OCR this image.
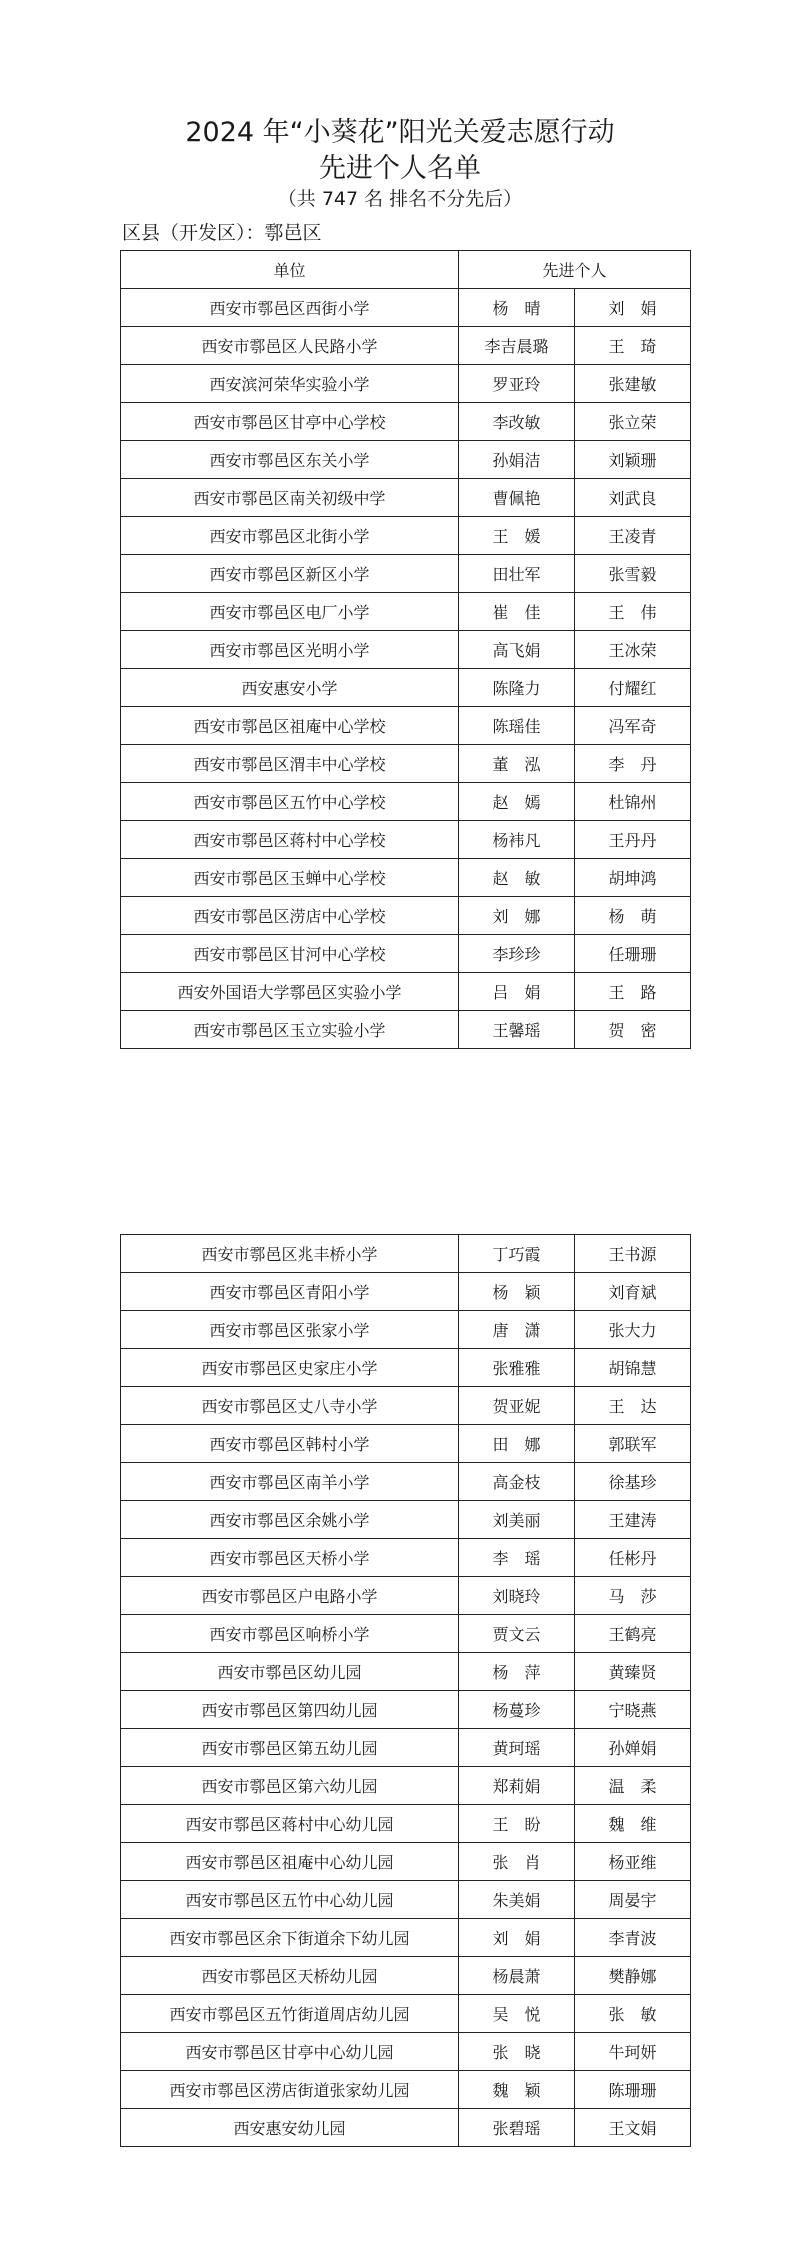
2024 年“小葵花”阳光关爱志愿行动
先进个人名单
（共 747 名 排名不分先后）
区县（开发区）：鄠邑区
单位	先进个人	
西安市鄠邑区西街小学	杨　晴	刘　娟
西安市鄠邑区人民路小学	李吉晨璐	王　琦
西安滨河荣华实验小学	罗亚玲	张建敏
西安市鄠邑区甘亭中心学校	李改敏	张立荣
西安市鄠邑区东关小学	孙娟洁	刘颖珊
西安市鄠邑区南关初级中学	曹佩艳	刘武良
西安市鄠邑区北街小学	王　媛	王凌青
西安市鄠邑区新区小学	田壮军	张雪毅
西安市鄠邑区电厂小学	崔　佳	王　伟
西安市鄠邑区光明小学	高飞娟	王冰荣
西安惠安小学	陈隆力	付耀红
西安市鄠邑区祖庵中心学校	陈瑶佳	冯军奇
西安市鄠邑区渭丰中心学校	董　泓	李　丹
西安市鄠邑区五竹中心学校	赵　嫣	杜锦州
西安市鄠邑区蒋村中心学校	杨袆凡	王丹丹
西安市鄠邑区玉蝉中心学校	赵　敏	胡坤鸿
西安市鄠邑区涝店中心学校	刘　娜	杨　萌
西安市鄠邑区甘河中心学校	李珍珍	任珊珊
西安外国语大学鄠邑区实验小学	吕　娟	王　路
西安市鄠邑区玉立实验小学	王馨瑶	贺　密
西安市鄠邑区兆丰桥小学	丁巧霞	王书源
西安市鄠邑区青阳小学	杨　颖	刘育斌
西安市鄠邑区张家小学	唐　潇	张大力
西安市鄠邑区史家庄小学	张雅雅	胡锦慧
西安市鄠邑区丈八寺小学	贺亚妮	王　达
西安市鄠邑区韩村小学	田　娜	郭联军
西安市鄠邑区南羊小学	高金枝	徐基珍
西安市鄠邑区余姚小学	刘美丽	王建涛
西安市鄠邑区天桥小学	李　瑶	任彬丹
西安市鄠邑区户电路小学	刘晓玲	马　莎
西安市鄠邑区响桥小学	贾文云	王鹤亮
西安市鄠邑区幼儿园	杨　萍	黄臻贤
西安市鄠邑区第四幼儿园	杨蔓珍	宁晓燕
西安市鄠邑区第五幼儿园	黄珂瑶	孙婵娟
西安市鄠邑区第六幼儿园	郑莉娟	温　柔
西安市鄠邑区蒋村中心幼儿园	王　盼	魏　维
西安市鄠邑区祖庵中心幼儿园	张　肖	杨亚维
西安市鄠邑区五竹中心幼儿园	朱美娟	周晏宇
西安市鄠邑区余下街道余下幼儿园	刘　娟	李青波
西安市鄠邑区天桥幼儿园	杨晨萧	樊静娜
西安市鄠邑区五竹街道周店幼儿园	吴　悦	张　敏
西安市鄠邑区甘亭中心幼儿园	张　晓	牛珂妍
西安市鄠邑区涝店街道张家幼儿园	魏　颖	陈珊珊
西安惠安幼儿园	张碧瑶	王文娟
